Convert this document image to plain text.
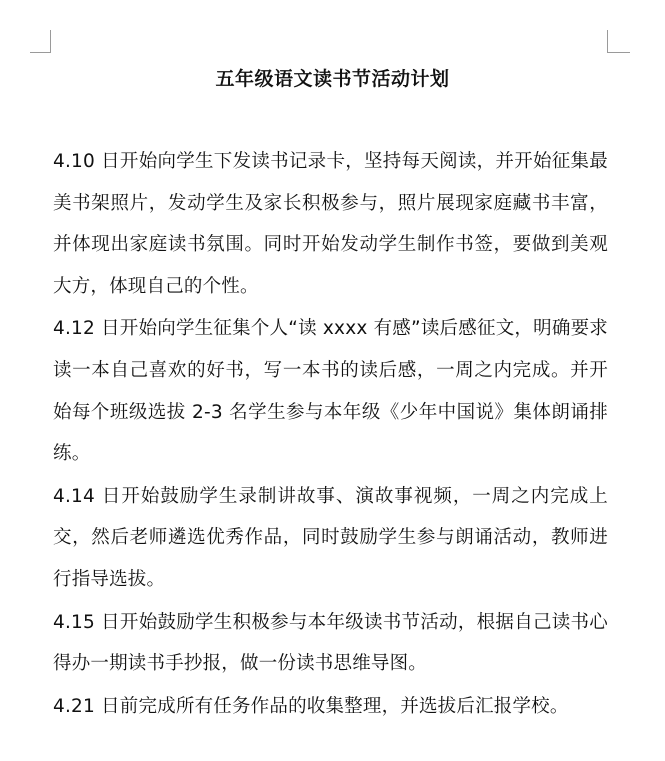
五年级语文读书节活动计划

4.10 日开始向学生下发读书记录卡，坚持每天阅读，并开始征集最美书架照片，发动学生及家长积极参与，照片展现家庭藏书丰富，并体现出家庭读书氛围。同时开始发动学生制作书签，要做到美观大方，体现自己的个性。

4.12 日开始向学生征集个人“读 xxxx 有感”读后感征文，明确要求读一本自己喜欢的好书，写一本书的读后感，一周之内完成。并开始每个班级选拔 2-3 名学生参与本年级《少年中国说》集体朗诵排练。

4.14 日开始鼓励学生录制讲故事、演故事视频，一周之内完成上交，然后老师遴选优秀作品，同时鼓励学生参与朗诵活动，教师进行指导选拔。

4.15 日开始鼓励学生积极参与本年级读书节活动，根据自己读书心得办一期读书手抄报，做一份读书思维导图。

4.21 日前完成所有任务作品的收集整理，并选拔后汇报学校。
